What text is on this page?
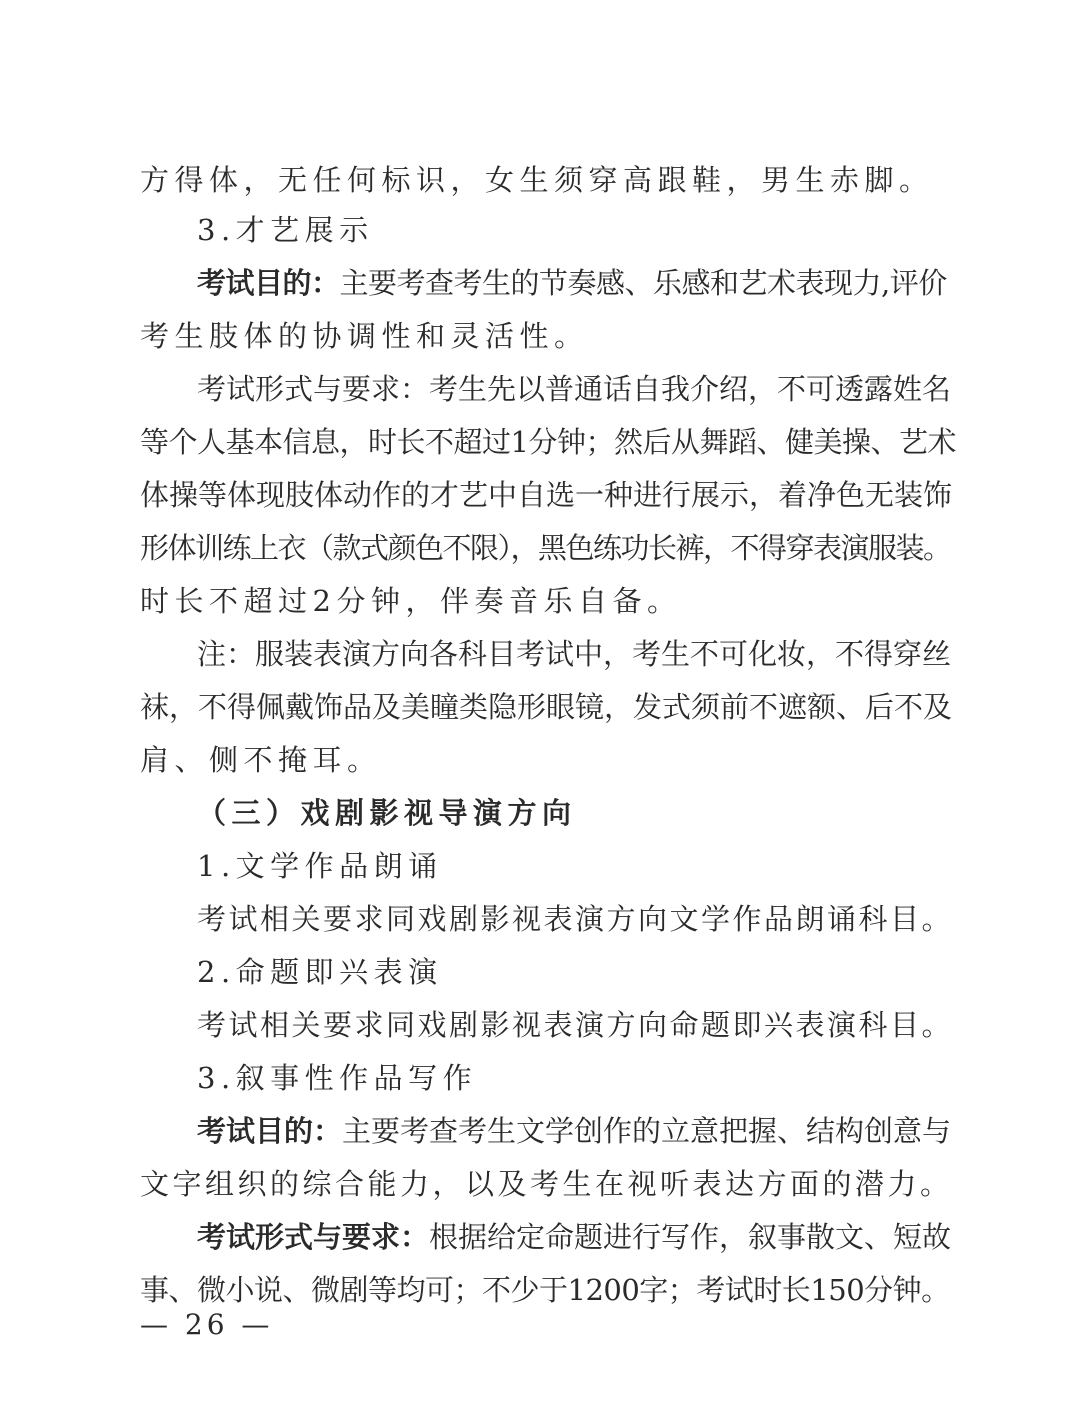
方得体，无任何标识，女生须穿高跟鞋，男生赤脚。
3.才艺展示
考试目的：主要考查考生的节奏感、乐感和艺术表现力,评价
考生肢体的协调性和灵活性。
考试形式与要求：考生先以普通话自我介绍，不可透露姓名
等个人基本信息，时长不超过1分钟；然后从舞蹈、健美操、艺术
体操等体现肢体动作的才艺中自选一种进行展示，着净色无装饰
形体训练上衣（款式颜色不限），黑色练功长裤，不得穿表演服装。
时长不超过2分钟，伴奏音乐自备。
注：服装表演方向各科目考试中，考生不可化妆，不得穿丝
袜，不得佩戴饰品及美瞳类隐形眼镜，发式须前不遮额、后不及
肩、侧不掩耳。
（三）戏剧影视导演方向
1.文学作品朗诵
考试相关要求同戏剧影视表演方向文学作品朗诵科目。
2.命题即兴表演
考试相关要求同戏剧影视表演方向命题即兴表演科目。
3.叙事性作品写作
考试目的：主要考查考生文学创作的立意把握、结构创意与
文字组织的综合能力，以及考生在视听表达方面的潜力。
考试形式与要求：根据给定命题进行写作，叙事散文、短故
事、微小说、微剧等均可；不少于1200字；考试时长150分钟。
— 26 —
